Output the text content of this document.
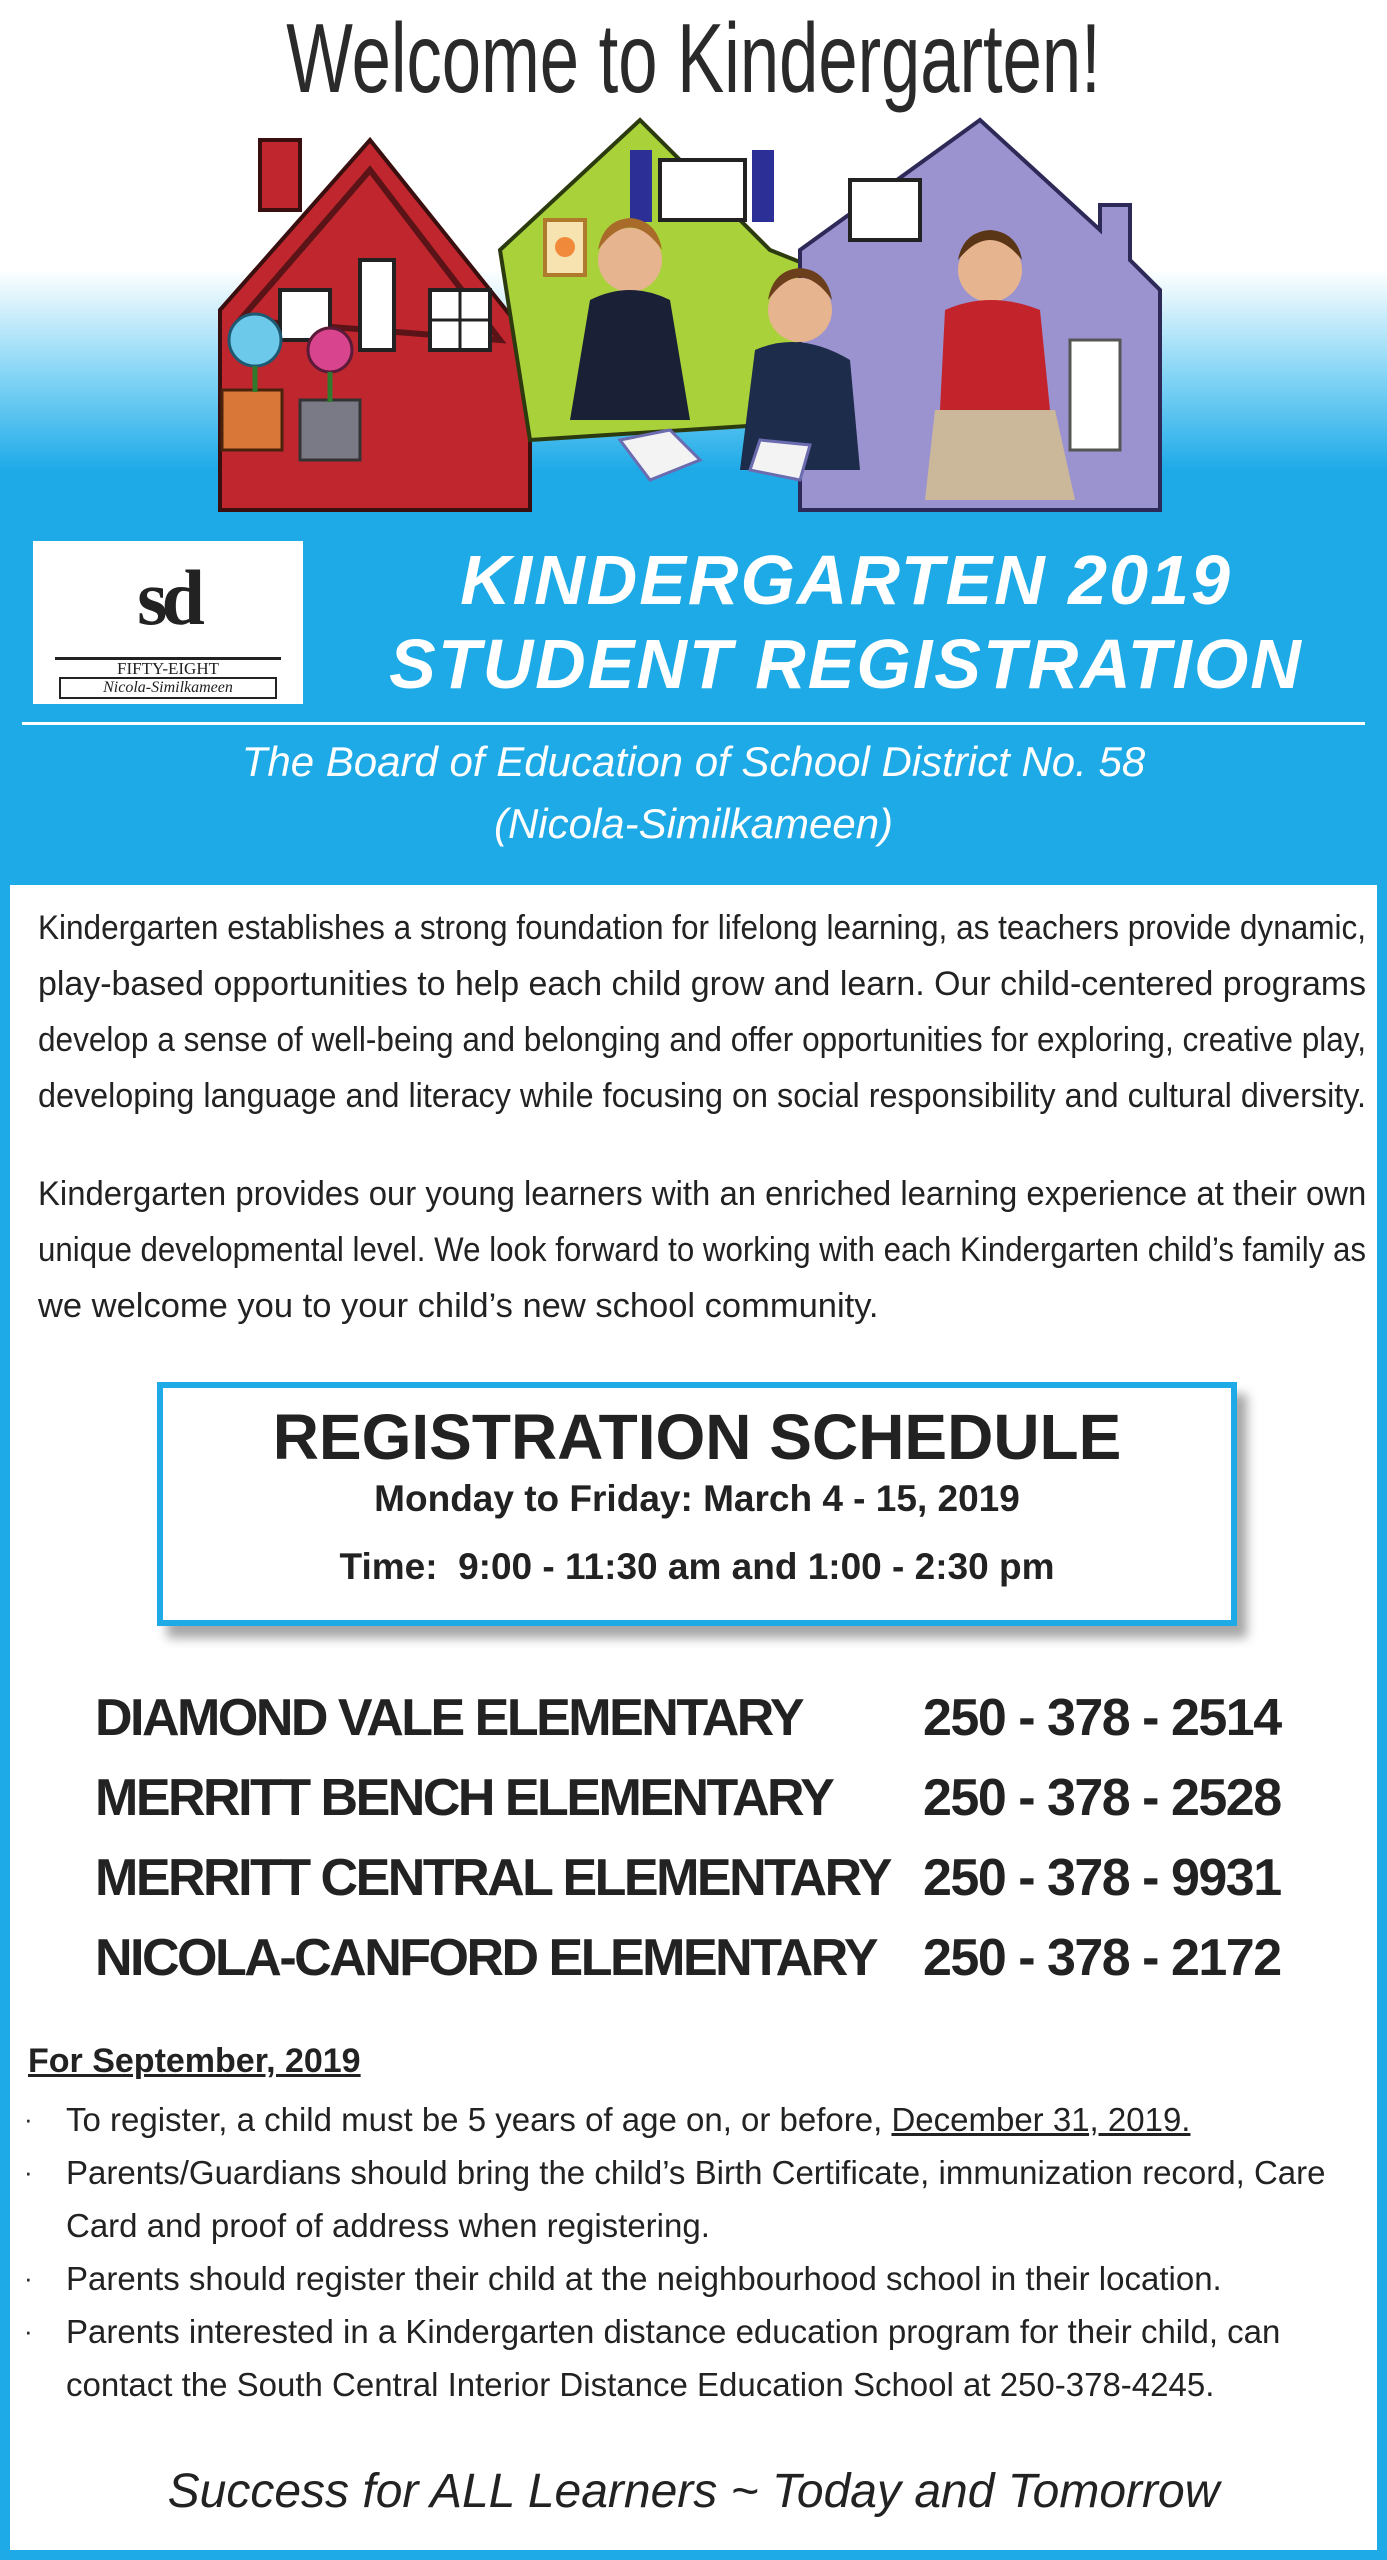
Welcome to Kindergarten!
sd
FIFTY-EIGHT
Nicola-Similkameen
KINDERGARTEN 2019
STUDENT REGISTRATION
The Board of Education of School District No. 58
(Nicola-Similkameen)
Kindergarten establishes a strong foundation for lifelong learning, as teachers provide dynamic,
play-based opportunities to help each child grow and learn. Our child-centered programs
develop a sense of well-being and belonging and offer opportunities for exploring, creative play,
developing language and literacy while focusing on social responsibility and cultural diversity.
Kindergarten provides our young learners with an enriched learning experience at their own
unique developmental level. We look forward to working with each Kindergarten child’s family as
we welcome you to your child’s new school community.
REGISTRATION SCHEDULE
Monday to Friday: March 4 - 15, 2019
Time:  9:00 - 11:30 am and 1:00 - 2:30 pm
DIAMOND VALE ELEMENTARY 250 - 378 - 2514
MERRITT BENCH ELEMENTARY 250 - 378 - 2528
MERRITT CENTRAL ELEMENTARY 250 - 378 - 9931
NICOLA-CANFORD ELEMENTARY 250 - 378 - 2172
For September, 2019
· To register, a child must be 5 years of age on, or before, December 31, 2019.
· Parents/Guardians should bring the child’s Birth Certificate, immunization record, Care Card and proof of address when registering.
· Parents should register their child at the neighbourhood school in their location.
· Parents interested in a Kindergarten distance education program for their child, can contact the South Central Interior Distance Education School at 250-378-4245.
Success for ALL Learners ~ Today and Tomorrow
